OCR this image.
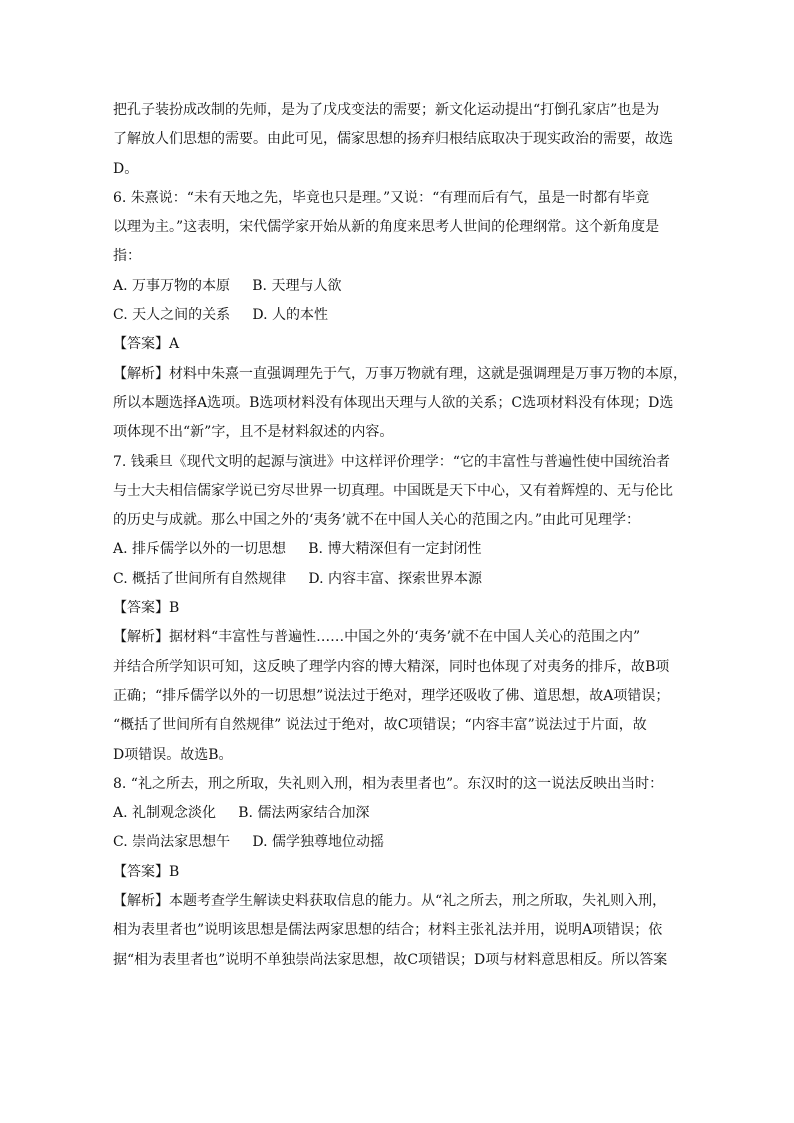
把孔子装扮成改制的先师，是为了戊戌变法的需要；新文化运动提出“打倒孔家店”也是为
了解放人们思想的需要。由此可见，儒家思想的扬弃归根结底取决于现实政治的需要，故选
D。
6. 朱熹说：“未有天地之先，毕竟也只是理。”又说：“有理而后有气，虽是一时都有毕竟
以理为主。”这表明，宋代儒学家开始从新的角度来思考人世间的伦理纲常。这个新角度是
指：
A. 万事万物的本原     B. 天理与人欲
C. 天人之间的关系     D. 人的本性
【答案】A
【解析】材料中朱熹一直强调理先于气，万事万物就有理，这就是强调理是万事万物的本原，
所以本题选择A选项。B选项材料没有体现出天理与人欲的关系；C选项材料没有体现；D选
项体现不出“新”字，且不是材料叙述的内容。
7. 钱乘旦《现代文明的起源与演进》中这样评价理学：“它的丰富性与普遍性使中国统治者
与士大夫相信儒家学说已穷尽世界一切真理。中国既是天下中心，又有着辉煌的、无与伦比
的历史与成就。那么中国之外的‘夷务’就不在中国人关心的范围之内。”由此可见理学：
A. 排斥儒学以外的一切思想     B. 博大精深但有一定封闭性
C. 概括了世间所有自然规律     D. 内容丰富、探索世界本源
【答案】B
【解析】据材料“丰富性与普遍性……中国之外的‘夷务’就不在中国人关心的范围之内”
并结合所学知识可知，这反映了理学内容的博大精深，同时也体现了对夷务的排斥，故B项
正确；“排斥儒学以外的一切思想”说法过于绝对，理学还吸收了佛、道思想，故A项错误；
“概括了世间所有自然规律” 说法过于绝对，故C项错误；“内容丰富”说法过于片面，故
D项错误。故选B。
8. “礼之所去，刑之所取，失礼则入刑，相为表里者也”。东汉时的这一说法反映出当时：
A. 礼制观念淡化     B. 儒法两家结合加深
C. 崇尚法家思想午     D. 儒学独尊地位动摇
【答案】B
【解析】本题考查学生解读史料获取信息的能力。从“礼之所去，刑之所取，失礼则入刑，
相为表里者也”说明该思想是儒法两家思想的结合；材料主张礼法并用，说明A项错误；依
据“相为表里者也”说明不单独崇尚法家思想，故C项错误；D项与材料意思相反。所以答案
